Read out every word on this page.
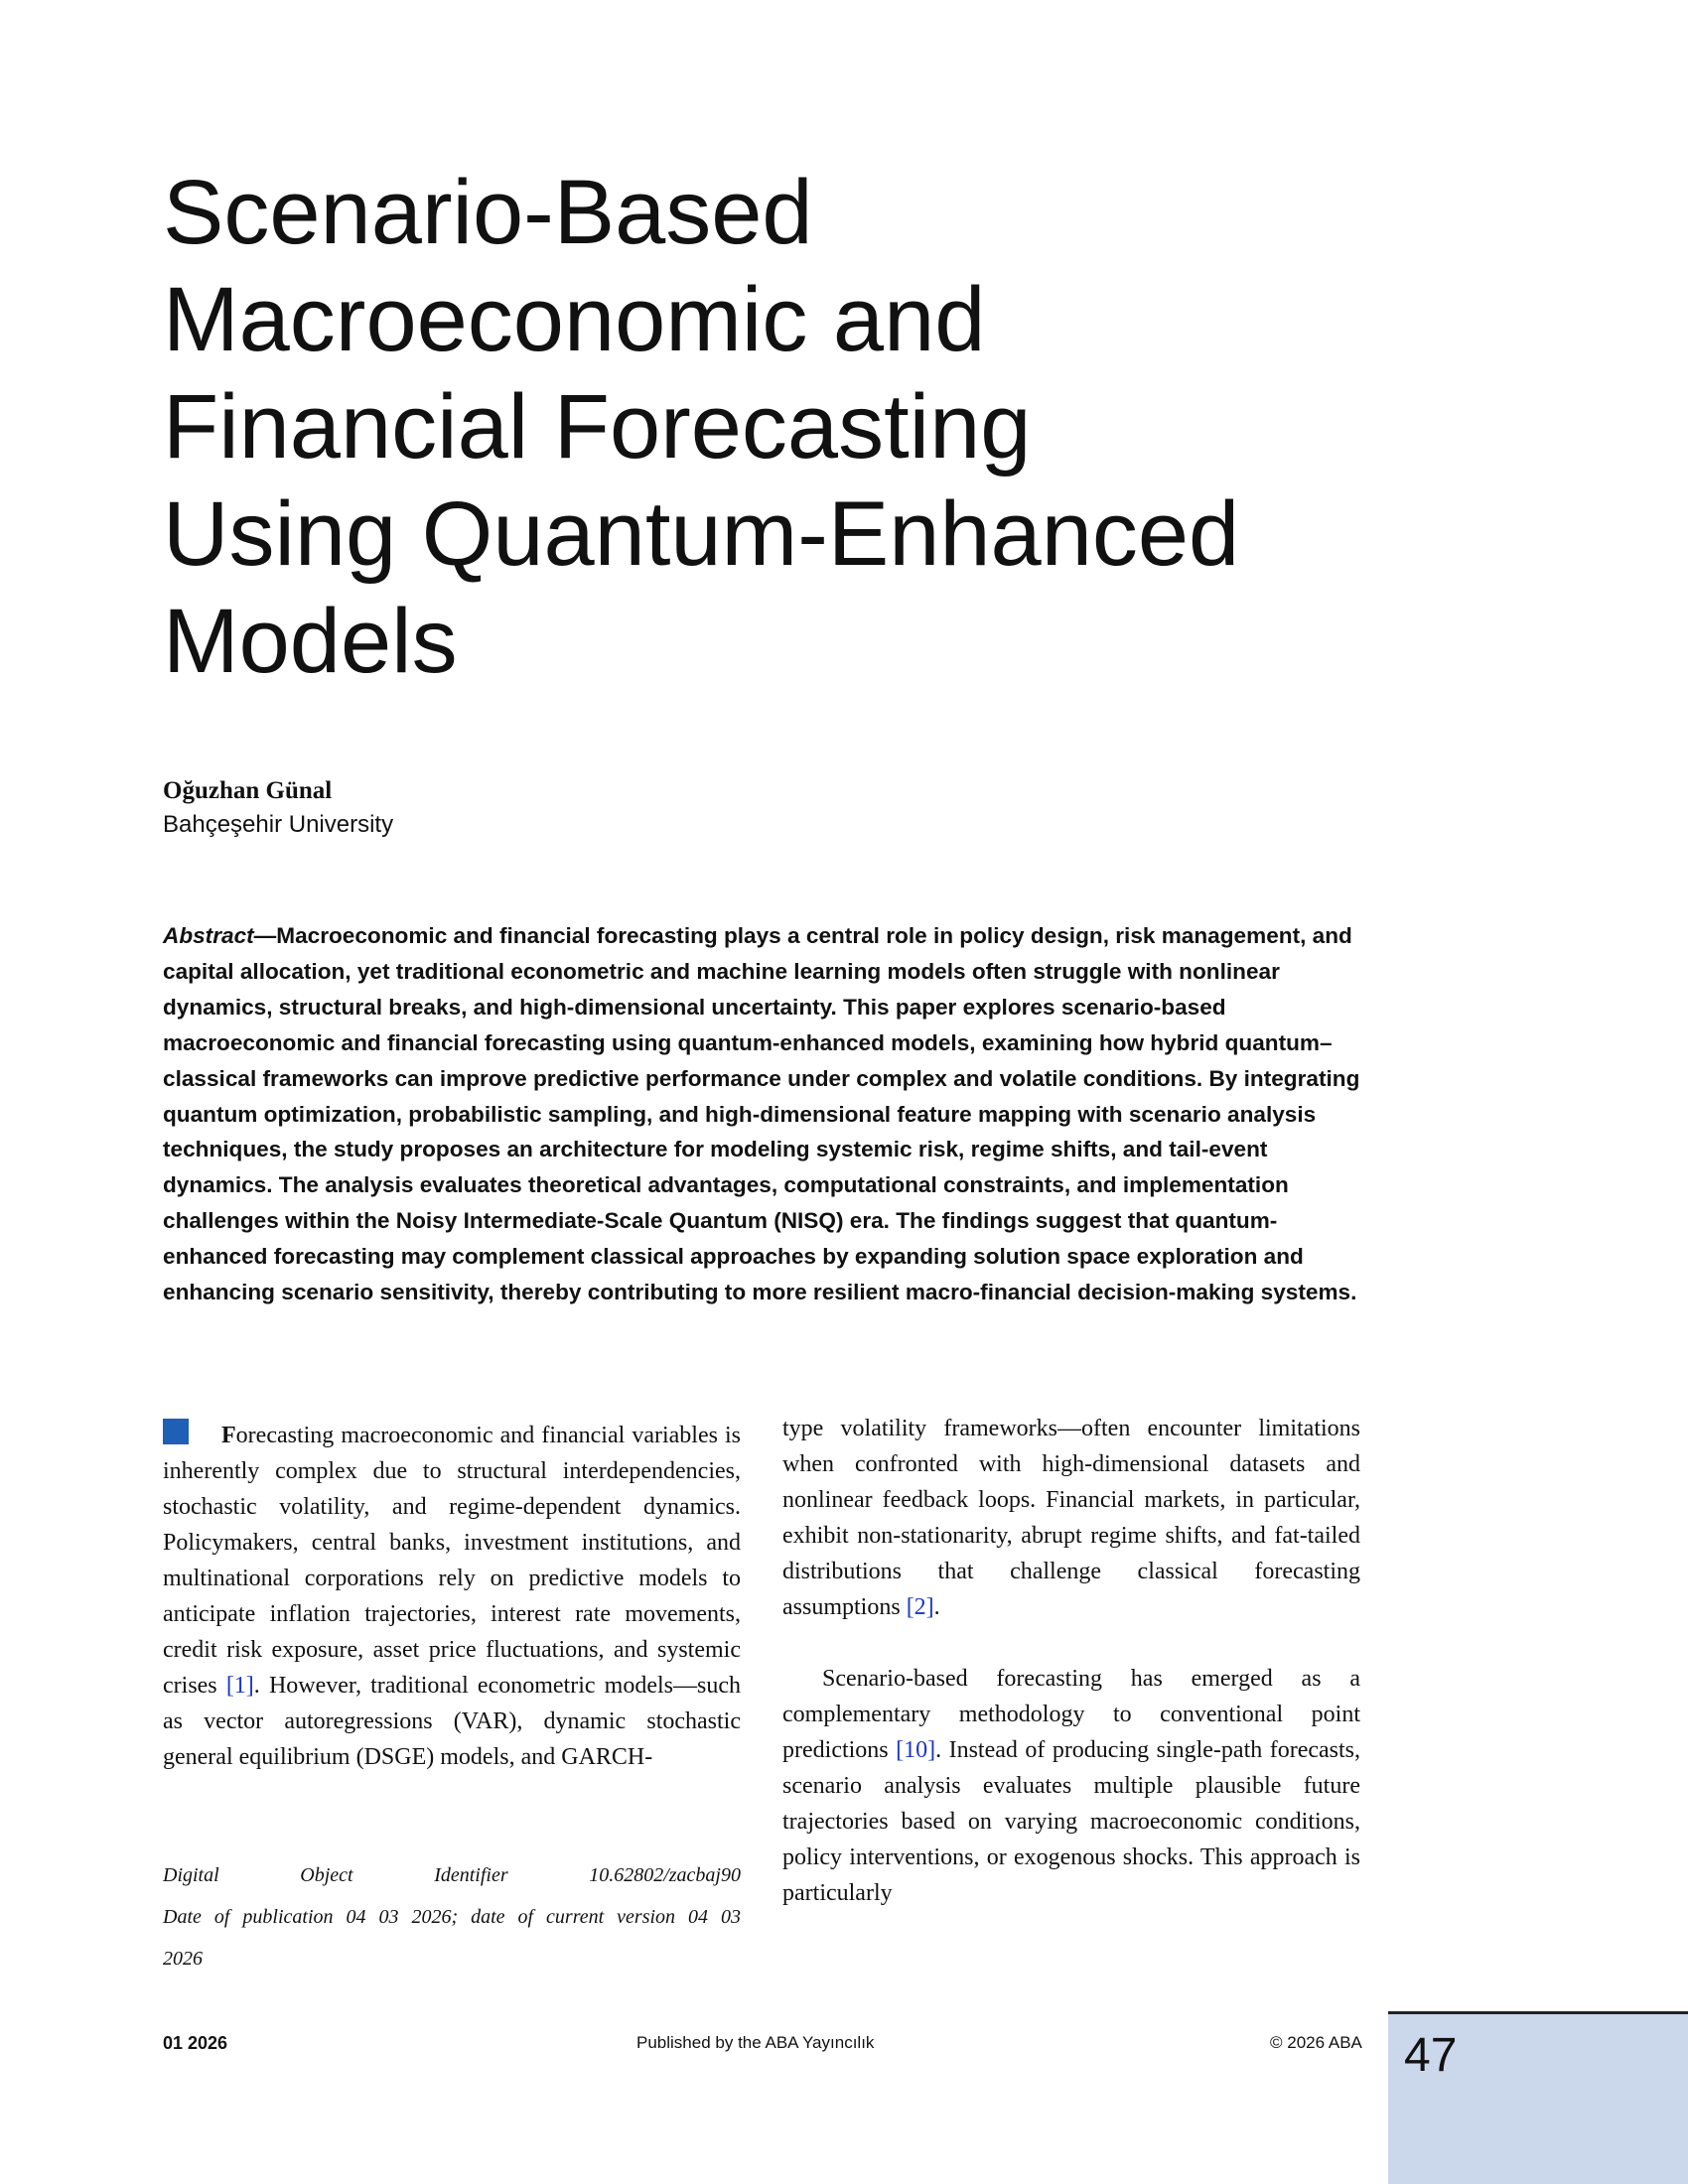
Scenario-Based
Macroeconomic and
Financial Forecasting
Using Quantum-Enhanced
Models
Oğuzhan Günal
Bahçeşehir University

Abstract—Macroeconomic and financial forecasting plays a central role in policy design, risk management, and capital allocation, yet traditional econometric and machine learning models often struggle with nonlinear dynamics, structural breaks, and high-dimensional uncertainty. This paper explores scenario-based macroeconomic and financial forecasting using quantum-enhanced models, examining how hybrid quantum–classical frameworks can improve predictive performance under complex and volatile conditions. By integrating quantum optimization, probabilistic sampling, and high-dimensional feature mapping with scenario analysis techniques, the study proposes an architecture for modeling systemic risk, regime shifts, and tail-event dynamics. The analysis evaluates theoretical advantages, computational constraints, and implementation challenges within the Noisy Intermediate-Scale Quantum (NISQ) era. The findings suggest that quantum-enhanced forecasting may complement classical approaches by expanding solution space exploration and enhancing scenario sensitivity, thereby contributing to more resilient macro-financial decision-making systems.

Forecasting macroeconomic and financial variables is inherently complex due to structural interdependencies, stochastic volatility, and regime-dependent dynamics. Policymakers, central banks, investment institutions, and multinational corporations rely on predictive models to anticipate inflation trajectories, interest rate movements, credit risk exposure, asset price fluctuations, and systemic crises [1]. However, traditional econometric models—such as vector autoregressions (VAR), dynamic stochastic general equilibrium (DSGE) models, and GARCH-

Digital Object Identifier 10.62802/zacbaj90
Date of publication 04 03 2026; date of current version 04 03
2026

type volatility frameworks—often encounter limitations when confronted with high-dimensional datasets and nonlinear feedback loops. Financial markets, in particular, exhibit non-stationarity, abrupt regime shifts, and fat-tailed distributions that challenge classical forecasting assumptions [2].

Scenario-based forecasting has emerged as a complementary methodology to conventional point predictions [10]. Instead of producing single-path forecasts, scenario analysis evaluates multiple plausible future trajectories based on varying macroeconomic conditions, policy interventions, or exogenous shocks. This approach is particularly

01 2026	Published by the ABA Yayıncılık	© 2026 ABA 47
